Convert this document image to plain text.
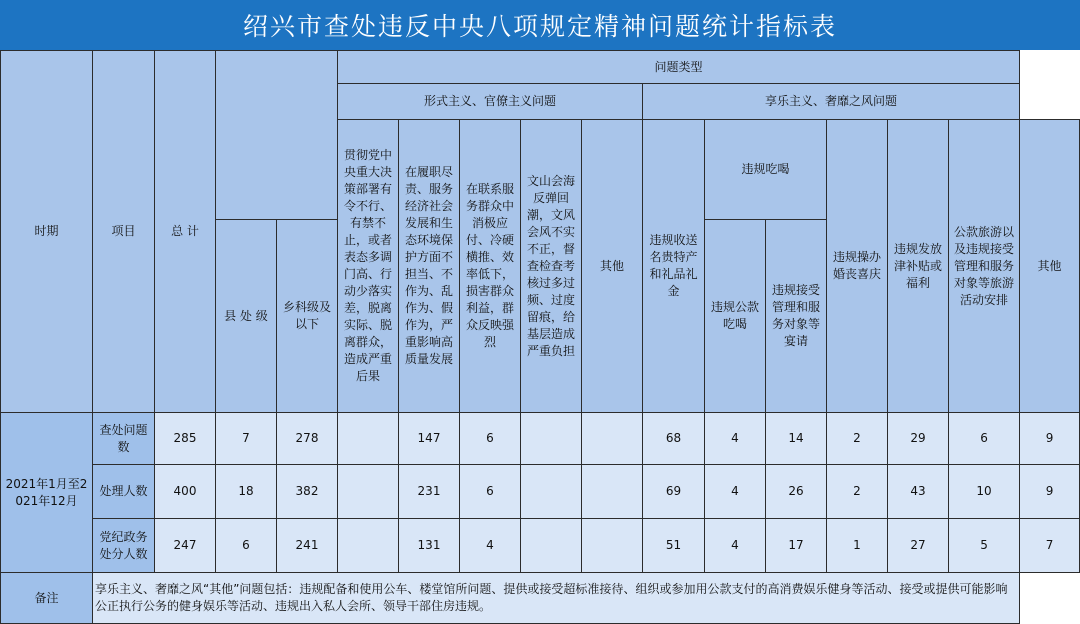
绍兴市查处违反中央八项规定精神问题统计指标表
时期	项目	总 计			问题类型											
					形式主义、官僚主义问题					享乐主义、奢靡之风问题						
					贯彻党中央重大决策部署有令不行、有禁不止，或者表态多调门高、行动少落实差，脱离实际、脱离群众，造成严重后果	在履职尽责、服务经济社会发展和生态环境保护方面不担当、不作为、乱作为、假作为，严重影响高质量发展	在联系服务群众中消极应付、冷硬横推、效率低下，损害群众利益，群众反映强烈	文山会海反弹回潮，文风会风不实不正，督查检查考核过多过频、过度留痕，给基层造成严重负担	其他	违规收送名贵特产和礼品礼金	违规吃喝		违规操办婚丧喜庆	违规发放津补贴或福利	公款旅游以及违规接受管理和服务对象等旅游活动安排	其他
			县 处 级	乡科级及以下							违规公款吃喝	违规接受管理和服务对象等宴请				

2021年1月至2021年12月	查处问题数	285	7	278		147	6			68	4	14	2	29	6	9
	处理人数	400	18	382		231	6			69	4	26	2	43	10	9
	党纪政务处分人数	247	6	241		131	4			51	4	17	1	27	5	7
备注	享乐主义、奢靡之风“其他”问题包括：违规配备和使用公车、楼堂馆所问题、提供或接受超标准接待、组织或参加用公款支付的高消费娱乐健身等活动、接受或提供可能影响公正执行公务的健身娱乐等活动、违规出入私人会所、领导干部住房违规。															
